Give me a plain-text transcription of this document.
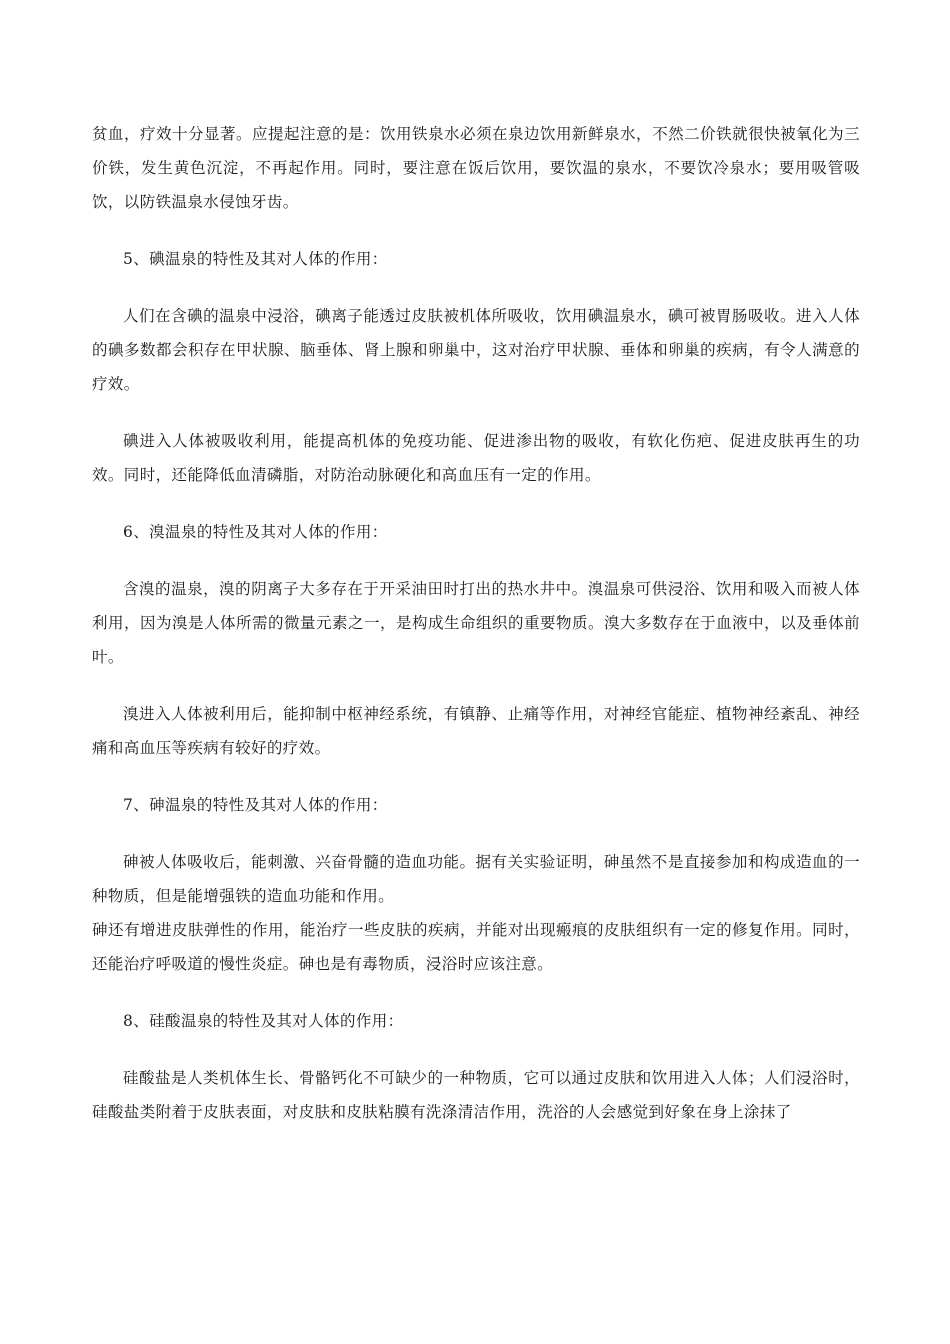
贫血，疗效十分显著。应提起注意的是：饮用铁泉水必须在泉边饮用新鲜泉水，不然二价铁就很快被氧化为三价铁，发生黄色沉淀，不再起作用。同时，要注意在饭后饮用，要饮温的泉水，不要饮冷泉水；要用吸管吸饮，以防铁温泉水侵蚀牙齿。

5、碘温泉的特性及其对人体的作用：

人们在含碘的温泉中浸浴，碘离子能透过皮肤被机体所吸收，饮用碘温泉水，碘可被胃肠吸收。进入人体的碘多数都会积存在甲状腺、脑垂体、肾上腺和卵巢中，这对治疗甲状腺、垂体和卵巢的疾病，有令人满意的疗效。

碘进入人体被吸收利用，能提高机体的免疫功能、促进渗出物的吸收，有软化伤疤、促进皮肤再生的功效。同时，还能降低血清磷脂，对防治动脉硬化和高血压有一定的作用。

6、溴温泉的特性及其对人体的作用：

含溴的温泉，溴的阴离子大多存在于开采油田时打出的热水井中。溴温泉可供浸浴、饮用和吸入而被人体利用，因为溴是人体所需的微量元素之一，是构成生命组织的重要物质。溴大多数存在于血液中，以及垂体前叶。

溴进入人体被利用后，能抑制中枢神经系统，有镇静、止痛等作用，对神经官能症、植物神经紊乱、神经痛和高血压等疾病有较好的疗效。

7、砷温泉的特性及其对人体的作用：

砷被人体吸收后，能刺激、兴奋骨髓的造血功能。据有关实验证明，砷虽然不是直接参加和构成造血的一种物质，但是能增强铁的造血功能和作用。

砷还有增进皮肤弹性的作用，能治疗一些皮肤的疾病，并能对出现瘢痕的皮肤组织有一定的修复作用。同时，还能治疗呼吸道的慢性炎症。砷也是有毒物质，浸浴时应该注意。

8、硅酸温泉的特性及其对人体的作用：

硅酸盐是人类机体生长、骨骼钙化不可缺少的一种物质，它可以通过皮肤和饮用进入人体；人们浸浴时，硅酸盐类附着于皮肤表面，对皮肤和皮肤粘膜有洗涤清洁作用，洗浴的人会感觉到好象在身上涂抹了
